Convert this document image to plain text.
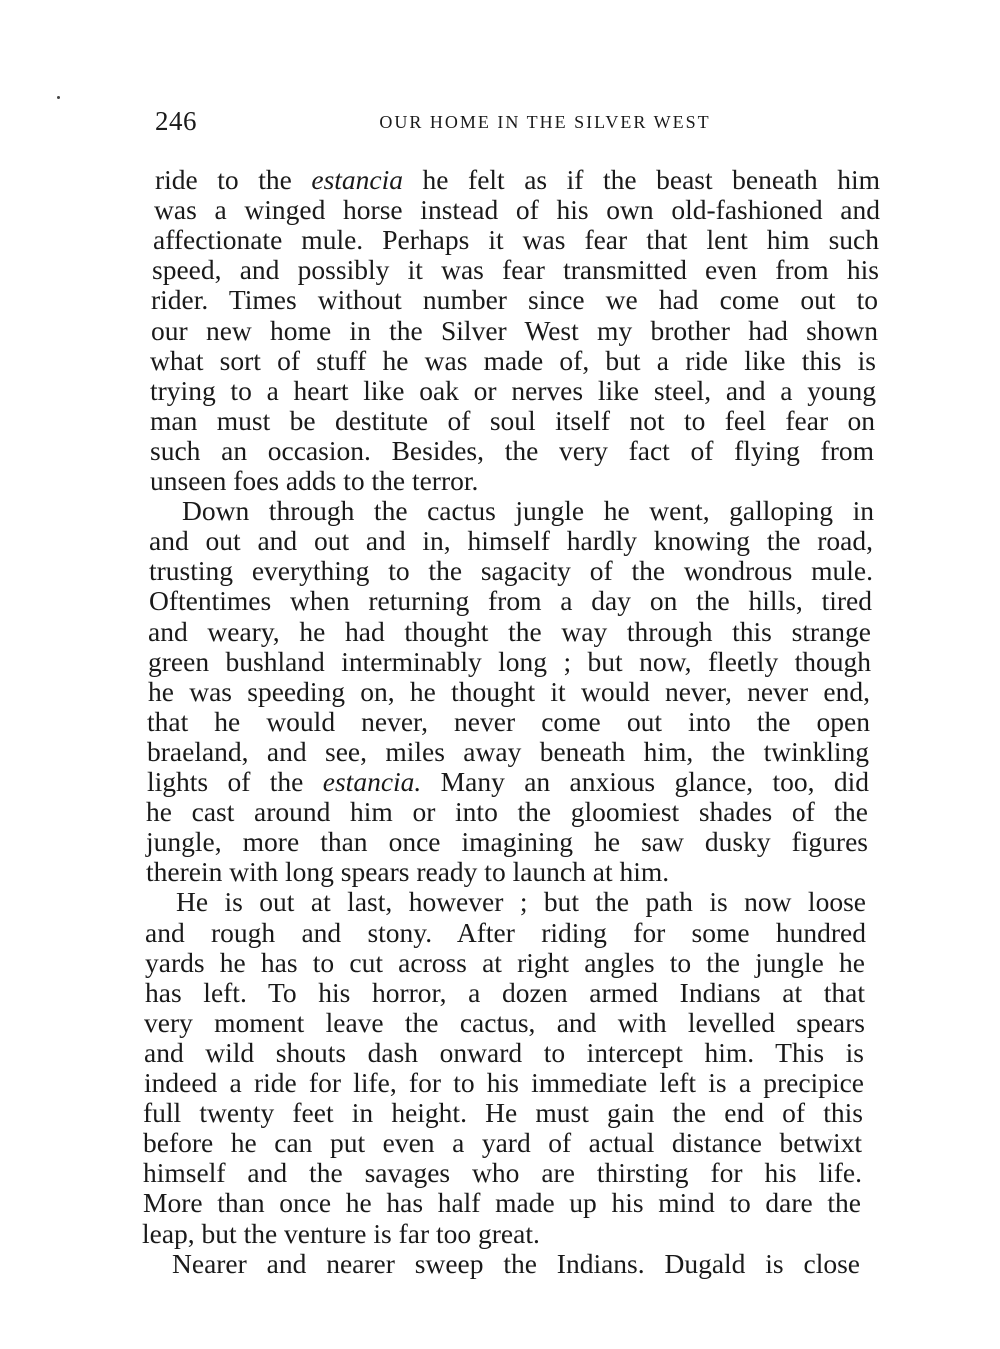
246	OUR HOME IN THE SILVER WEST
ride to the estancia he felt as if the beast beneath him
was a winged horse instead of his own old-fashioned and
affectionate mule. Perhaps it was fear that lent him such
speed, and possibly it was fear transmitted even from his
rider. Times without number since we had come out to
our new home in the Silver West my brother had shown
what sort of stuff he was made of, but a ride like this is
trying to a heart like oak or nerves like steel, and a young
man must be destitute of soul itself not to feel fear on
such an occasion. Besides, the very fact of flying from
unseen foes adds to the terror.
Down through the cactus jungle he went, galloping in
and out and out and in, himself hardly knowing the road,
trusting everything to the sagacity of the wondrous mule.
Oftentimes when returning from a day on the hills, tired
and weary, he had thought the way through this strange
green bushland interminably long ; but now, fleetly though
he was speeding on, he thought it would never, never end,
that he would never, never come out into the open
braeland, and see, miles away beneath him, the twinkling
lights of the estancia. Many an anxious glance, too, did
he cast around him or into the gloomiest shades of the
jungle, more than once imagining he saw dusky figures
therein with long spears ready to launch at him.
He is out at last, however ; but the path is now loose
and rough and stony. After riding for some hundred
yards he has to cut across at right angles to the jungle he
has left. To his horror, a dozen armed Indians at that
very moment leave the cactus, and with levelled spears
and wild shouts dash onward to intercept him. This is
indeed a ride for life, for to his immediate left is a precipice
full twenty feet in height. He must gain the end of this
before he can put even a yard of actual distance betwixt
himself and the savages who are thirsting for his life.
More than once he has half made up his mind to dare the
leap, but the venture is far too great.
Nearer and nearer sweep the Indians. Dugald is close
